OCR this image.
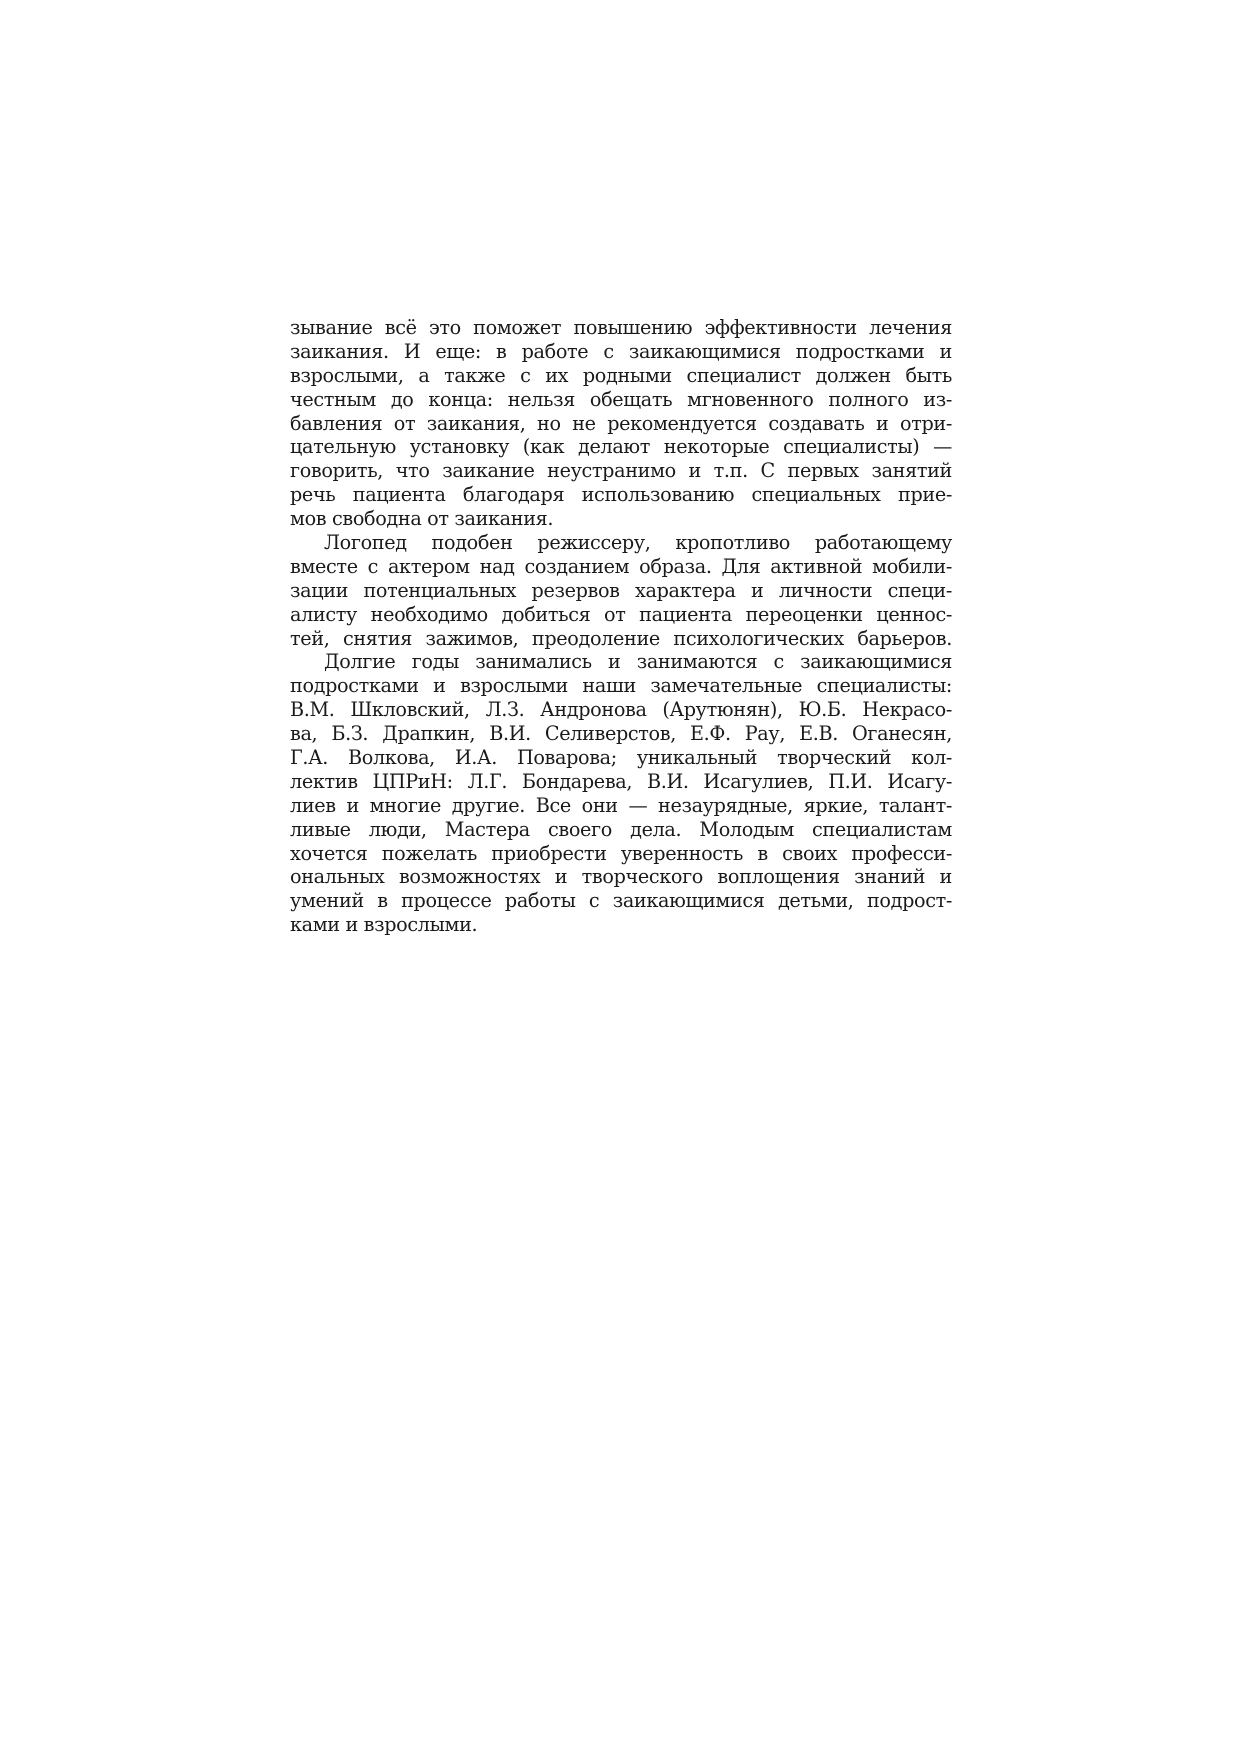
зывание всё это поможет повышению эффективности лечения
заикания. И еще: в работе с заикающимися подростками и
взрослыми, а также с их родными специалист должен быть
честным до конца: нельзя обещать мгновенного полного из-
бавления от заикания, но не рекомендуется создавать и отри-
цательную установку (как делают некоторые специалисты) —
говорить, что заикание неустранимо и т.п. С первых занятий
речь пациента благодаря использованию специальных прие-
мов свободна от заикания.
Логопед подобен режиссеру, кропотливо работающему
вместе с актером над созданием образа. Для активной мобили-
зации потенциальных резервов характера и личности специ-
алисту необходимо добиться от пациента переоценки ценнос-
тей, снятия зажимов, преодоление психологических барьеров.
Долгие годы занимались и занимаются с заикающимися
подростками и взрослыми наши замечательные специалисты:
В.М. Шкловский, Л.З. Андронова (Арутюнян), Ю.Б. Некрасо-
ва, Б.З. Драпкин, В.И. Селиверстов, Е.Ф. Рау, Е.В. Оганесян,
Г.А. Волкова, И.А. Поварова; уникальный творческий кол-
лектив ЦПРиН: Л.Г. Бондарева, В.И. Исагулиев, П.И. Исагу-
лиев и многие другие. Все они — незаурядные, яркие, талант-
ливые люди, Мастера своего дела. Молодым специалистам
хочется пожелать приобрести уверенность в своих професси-
ональных возможностях и творческого воплощения знаний и
умений в процессе работы с заикающимися детьми, подрост-
ками и взрослыми.
